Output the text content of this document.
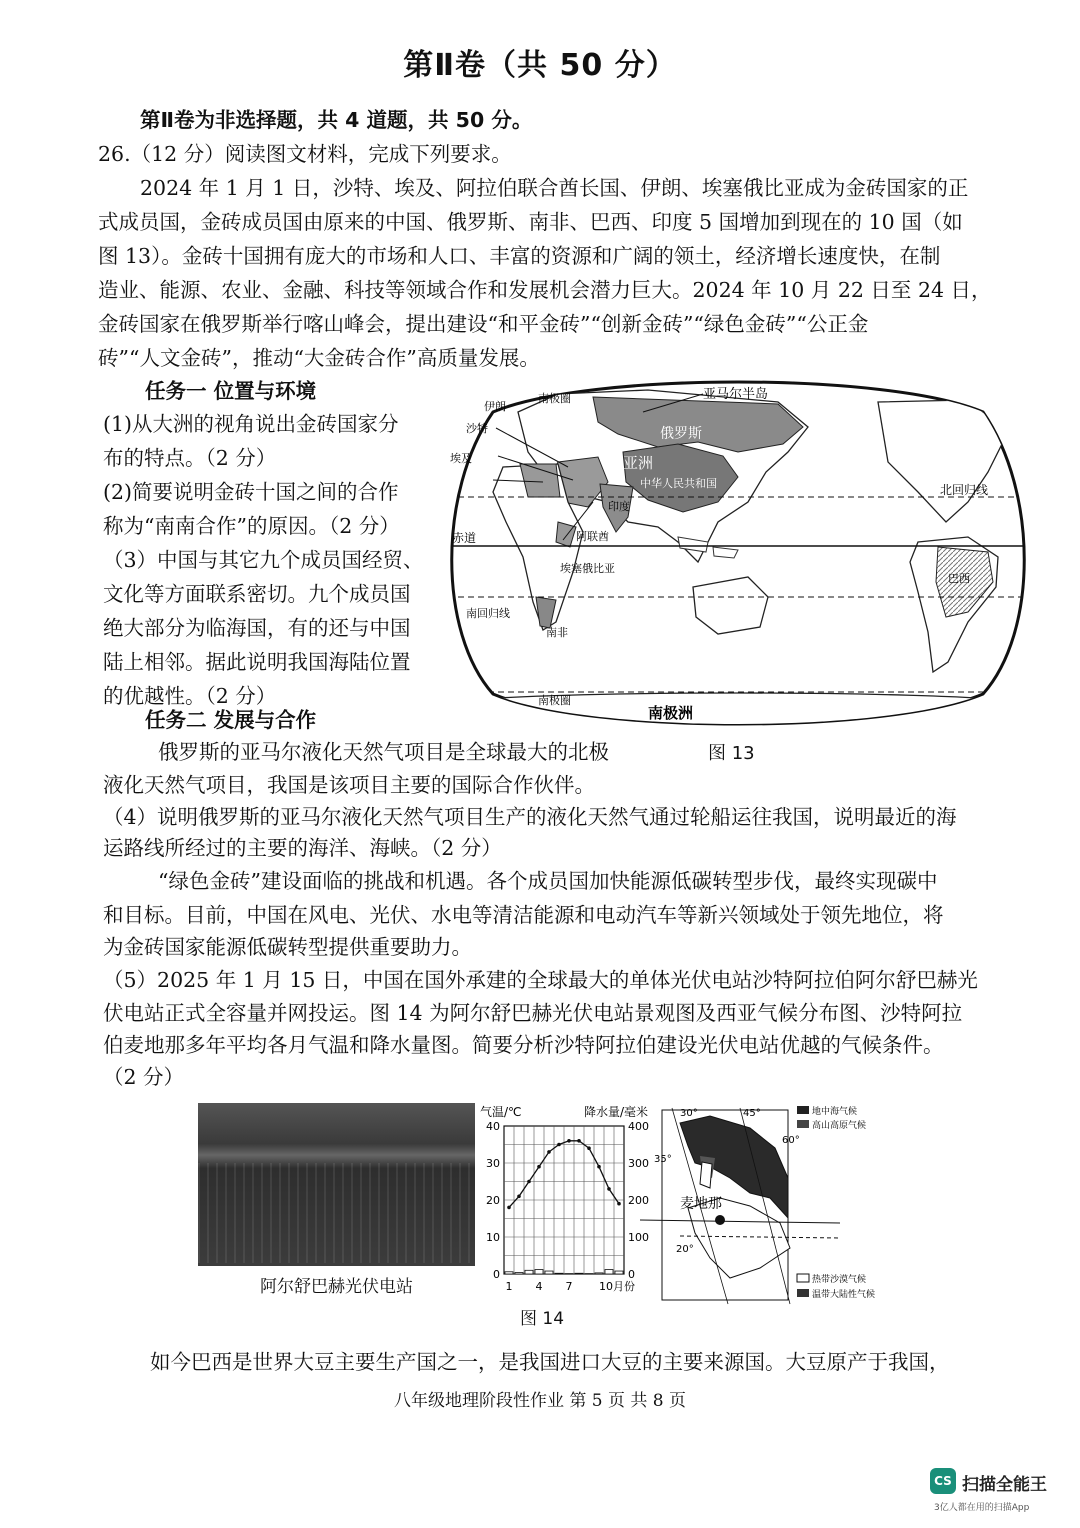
第Ⅱ卷（共 50 分）

第Ⅱ卷为非选择题，共 4 道题，共 50 分。

26.（12 分）阅读图文材料，完成下列要求。

2024 年 1 月 1 日，沙特、埃及、阿拉伯联合酋长国、伊朗、埃塞俄比亚成为金砖国家的正

式成员国，金砖成员国由原来的中国、俄罗斯、南非、巴西、印度 5 国增加到现在的 10 国（如

图 13）。金砖十国拥有庞大的市场和人口、丰富的资源和广阔的领土，经济增长速度快，在制

造业、能源、农业、金融、科技等领域合作和发展机会潜力巨大。2024 年 10 月 22 日至 24 日，

金砖国家在俄罗斯举行喀山峰会，提出建设“和平金砖”“创新金砖”“绿色金砖”“公正金

砖”“人文金砖”，推动“大金砖合作”高质量发展。

任务一 位置与环境

(1)从大洲的视角说出金砖国家分

布的特点。（2 分）

(2)简要说明金砖十国之间的合作

称为“南南合作”的原因。（2 分）

（3）中国与其它九个成员国经贸、

文化等方面联系密切。九个成员国

绝大部分为临海国，有的还与中国

陆上相邻。据此说明我国海陆位置

的优越性。（2 分）

亚马尔半岛
伊朗
南极圈
沙特
埃及
俄罗斯
亚洲
中华人民共和国
印度
阿联酋
埃塞俄比亚
赤道
北回归线
南回归线
南非
巴西
南极圈
南极洲

任务二 发展与合作

俄罗斯的亚马尔液化天然气项目是全球最大的北极

液化天然气项目，我国是该项目主要的国际合作伙伴。

图 13

（4）说明俄罗斯的亚马尔液化天然气项目生产的液化天然气通过轮船运往我国，说明最近的海

运路线所经过的主要的海洋、海峡。（2 分）

“绿色金砖”建设面临的挑战和机遇。各个成员国加快能源低碳转型步伐，最终实现碳中

和目标。目前，中国在风电、光伏、水电等清洁能源和电动汽车等新兴领域处于领先地位，将

为金砖国家能源低碳转型提供重要助力。

（5）2025 年 1 月 15 日，中国在国外承建的全球最大的单体光伏电站沙特阿拉伯阿尔舒巴赫光

伏电站正式全容量并网投运。图 14 为阿尔舒巴赫光伏电站景观图及西亚气候分布图、沙特阿拉

伯麦地那多年平均各月气温和降水量图。简要分析沙特阿拉伯建设光伏电站优越的气候条件。

（2 分）

阿尔舒巴赫光伏电站
气温/℃	降水量/毫米
40
30
20
10
0
400
300
200
100
0
1 4 7 10月份
30°	45°
60°
35°
20°
麦地那
地中海气候
高山高原气候
热带沙漠气候
温带大陆性气候
图 14

如今巴西是世界大豆主要生产国之一，是我国进口大豆的主要来源国。大豆原产于我国，

八年级地理阶段性作业 第 5 页 共 8 页
CS 扫描全能王
3亿人都在用的扫描App
